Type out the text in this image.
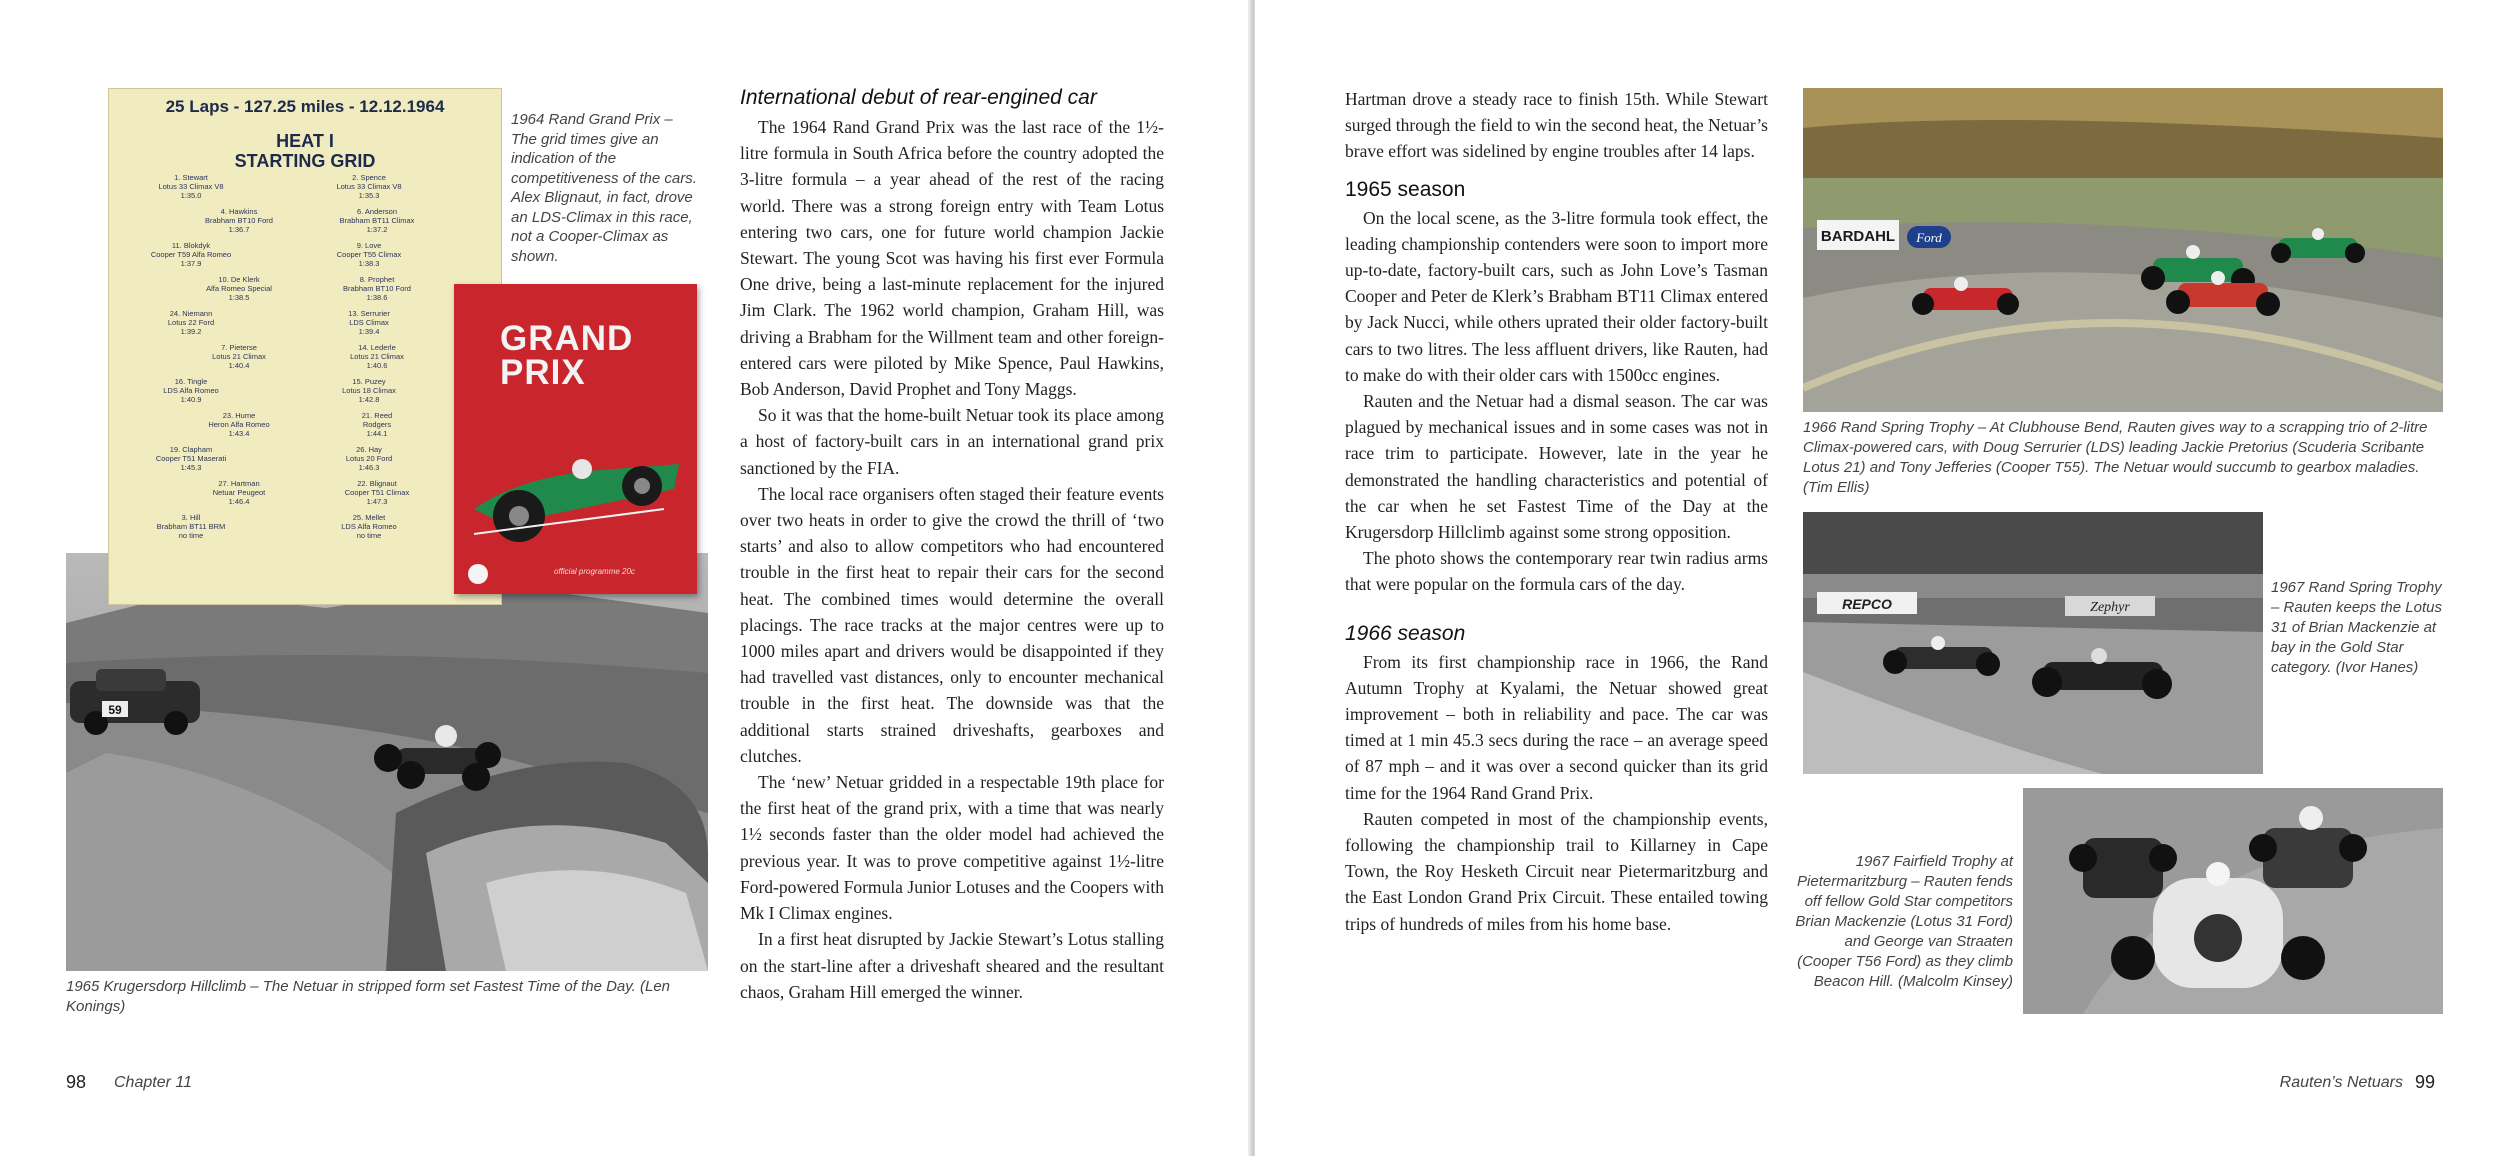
59
25 Laps - 127.25 miles - 12.12.1964
HEAT I
STARTING GRID
1. Stewart
Lotus 33 Climax V8
1:35.0
2. Spence
Lotus 33 Climax V8
1:35.3
4. Hawkins
Brabham BT10 Ford
1:36.7
6. Anderson
Brabham BT11 Climax
1:37.2
11. Blokdyk
Cooper T59 Alfa Romeo
1:37.9
9. Love
Cooper T55 Climax
1:38.3
10. De Klerk
Alfa Romeo Special
1:38.5
8. Prophet
Brabham BT10 Ford
1:38.6
24. Niemann
Lotus 22 Ford
1:39.2
13. Serrurier
LDS Climax
1:39.4
7. Pieterse
Lotus 21 Climax
1:40.4
14. Lederle
Lotus 21 Climax
1:40.6
16. Tingle
LDS Alfa Romeo
1:40.9
15. Puzey
Lotus 18 Climax
1:42.8
23. Hume
Heron Alfa Romeo
1:43.4
21. Reed
Rodgers
1:44.1
19. Clapham
Cooper T51 Maserati
1:45.3
26. Hay
Lotus 20 Ford
1:46.3
27. Hartman
Netuar Peugeot
1:46.4
22. Blignaut
Cooper T51 Climax
1:47.3
3. Hill
Brabham BT11 BRM
no time
25. Mellet
LDS Alfa Romeo
no time
GRAND PRIX
official programme 20c
1964 Rand Grand Prix – The grid times give an indication of the competitiveness of the cars. Alex Blignaut, in fact, drove an LDS-Climax in this race, not a Cooper-Climax as shown.
1965 Krugersdorp Hillclimb – The Netuar in stripped form set Fastest Time of the Day. (Len Konings)
International debut of rear-engined car

The 1964 Rand Grand Prix was the last race of the 1½-litre formula in South Africa before the country adopted the 3-litre formula – a year ahead of the rest of the racing world. There was a strong foreign entry with Team Lotus entering two cars, one for future world champion Jackie Stewart. The young Scot was having his first ever Formula One drive, being a last-minute replacement for the injured Jim Clark. The 1962 world champion, Graham Hill, was driving a Brabham for the Willment team and other foreign-entered cars were piloted by Mike Spence, Paul Hawkins, Bob Anderson, David Prophet and Tony Maggs.

So it was that the home-built Netuar took its place among a host of factory-built cars in an international grand prix sanctioned by the FIA.

The local race organisers often staged their feature events over two heats in order to give the crowd the thrill of ‘two starts’ and also to allow competitors who had encountered trouble in the first heat to repair their cars for the second heat. The combined times would determine the overall placings. The race tracks at the major centres were up to 1000 miles apart and drivers would be disappointed if they had travelled vast distances, only to encounter mechanical trouble in the first heat. The downside was that the additional starts strained driveshafts, gearboxes and clutches.

The ‘new’ Netuar gridded in a respectable 19th place for the first heat of the grand prix, with a time that was nearly 1½ seconds faster than the older model had achieved the previous year. It was to prove competitive against 1½-litre Ford-powered Formula Junior Lotuses and the Coopers with Mk I Climax engines.

In a first heat disrupted by Jackie Stewart’s Lotus stalling on the start-line after a driveshaft sheared and the resultant chaos, Graham Hill emerged the winner.

98 Chapter 11

Hartman drove a steady race to finish 15th. While Stewart surged through the field to win the second heat, the Netuar’s brave effort was sidelined by engine troubles after 14 laps.

1965 season

On the local scene, as the 3-litre formula took effect, the leading championship contenders were soon to import more up-to-date, factory-built cars, such as John Love’s Tasman Cooper and Peter de Klerk’s Brabham BT11 Climax entered by Jack Nucci, while others uprated their older factory-built cars to two litres. The less affluent drivers, like Rauten, had to make do with their older cars with 1500cc engines.

Rauten and the Netuar had a dismal season. The car was plagued by mechanical issues and in some cases was not in race trim to participate. However, late in the year he demonstrated the handling characteristics and potential of the car when he set Fastest Time of the Day at the Krugersdorp Hillclimb against some strong opposition.

The photo shows the contemporary rear twin radius arms that were popular on the formula cars of the day.

1966 season

From its first championship race in 1966, the Rand Autumn Trophy at Kyalami, the Netuar showed great improvement – both in reliability and pace. The car was timed at 1 min 45.3 secs during the race – an average speed of 87 mph – and it was over a second quicker than its grid time for the 1964 Rand Grand Prix.

Rauten competed in most of the championship events, following the championship trail to Killarney in Cape Town, the Roy Hesketh Circuit near Pietermaritzburg and the East London Grand Prix Circuit. These entailed towing trips of hundreds of miles from his home base.

BARDAHL Ford
1966 Rand Spring Trophy – At Clubhouse Bend, Rauten gives way to a scrapping trio of 2-litre Climax-powered cars, with Doug Serrurier (LDS) leading Jackie Pretorius (Scuderia Scribante Lotus 21) and Tony Jefferies (Cooper T55). The Netuar would succumb to gearbox maladies. (Tim Ellis)
REPCO	Zephyr
1967 Rand Spring Trophy – Rauten keeps the Lotus 31 of Brian Mackenzie at bay in the Gold Star category. (Ivor Hanes)
1967 Fairfield Trophy at Pietermaritzburg – Rauten fends off fellow Gold Star competitors Brian Mackenzie (Lotus 31 Ford) and George van Straaten (Cooper T56 Ford) as they climb Beacon Hill. (Malcolm Kinsey)
Rauten’s Netuars 99
